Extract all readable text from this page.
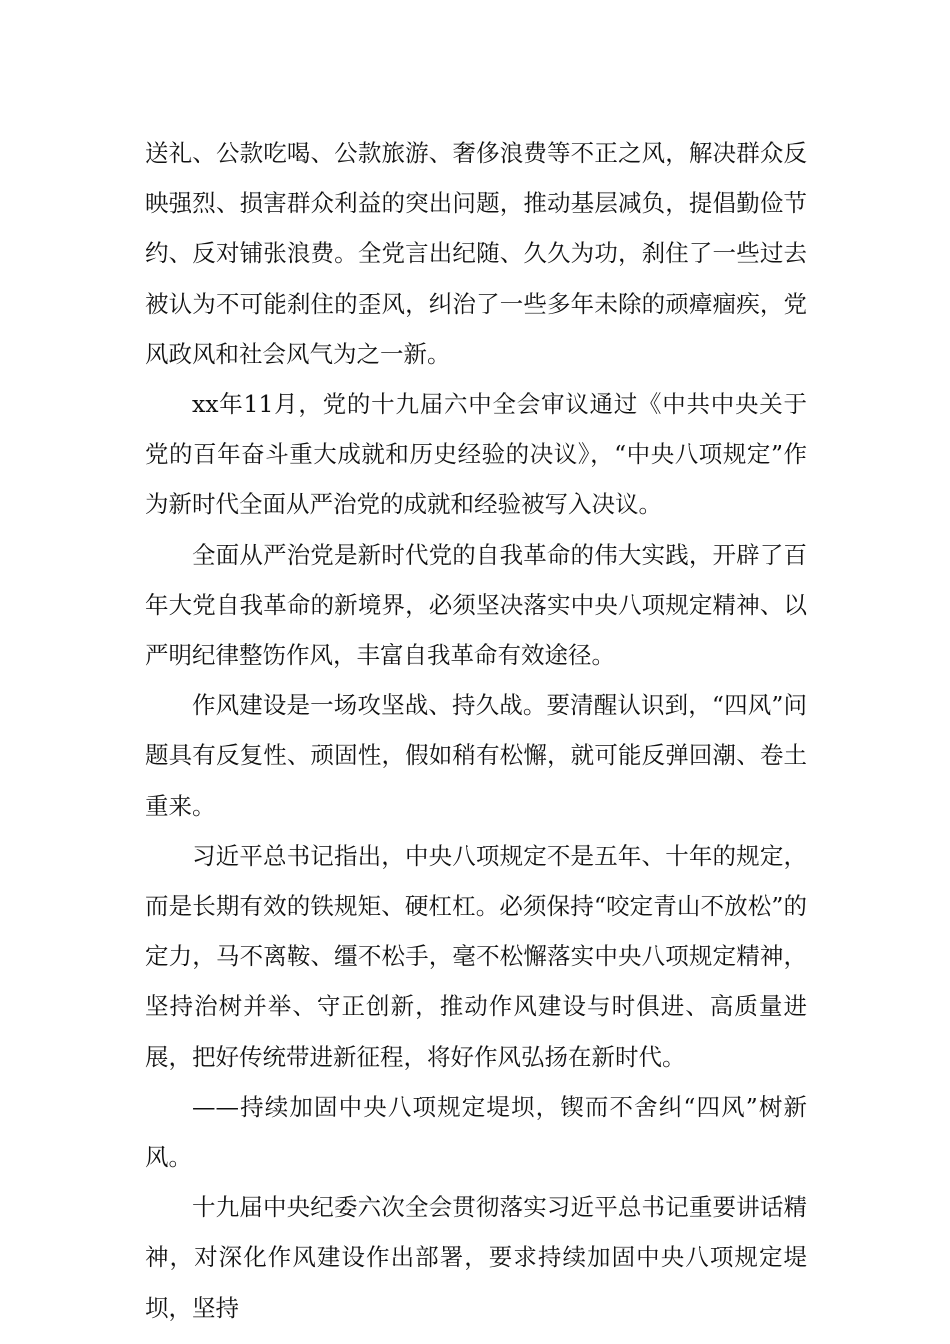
送礼、公款吃喝、公款旅游、奢侈浪费等不正之风，解决群众反映强烈、损害群众利益的突出问题，推动基层减负，提倡勤俭节约、反对铺张浪费。全党言出纪随、久久为功，刹住了一些过去被认为不可能刹住的歪风，纠治了一些多年未除的顽瘴痼疾，党风政风和社会风气为之一新。

xx年11月，党的十九届六中全会审议通过《中共中央关于党的百年奋斗重大成就和历史经验的决议》，“中央八项规定”作为新时代全面从严治党的成就和经验被写入决议。

全面从严治党是新时代党的自我革命的伟大实践，开辟了百年大党自我革命的新境界，必须坚决落实中央八项规定精神、以严明纪律整饬作风，丰富自我革命有效途径。

作风建设是一场攻坚战、持久战。要清醒认识到，“四风”问题具有反复性、顽固性，假如稍有松懈，就可能反弹回潮、卷土重来。

习近平总书记指出，中央八项规定不是五年、十年的规定，而是长期有效的铁规矩、硬杠杠。必须保持“咬定青山不放松”的定力，马不离鞍、缰不松手，毫不松懈落实中央八项规定精神，坚持治树并举、守正创新，推动作风建设与时俱进、高质量进展，把好传统带进新征程，将好作风弘扬在新时代。

——持续加固中央八项规定堤坝，锲而不舍纠“四风”树新风。

十九届中央纪委六次全会贯彻落实习近平总书记重要讲话精神，对深化作风建设作出部署，要求持续加固中央八项规定堤坝，坚持
